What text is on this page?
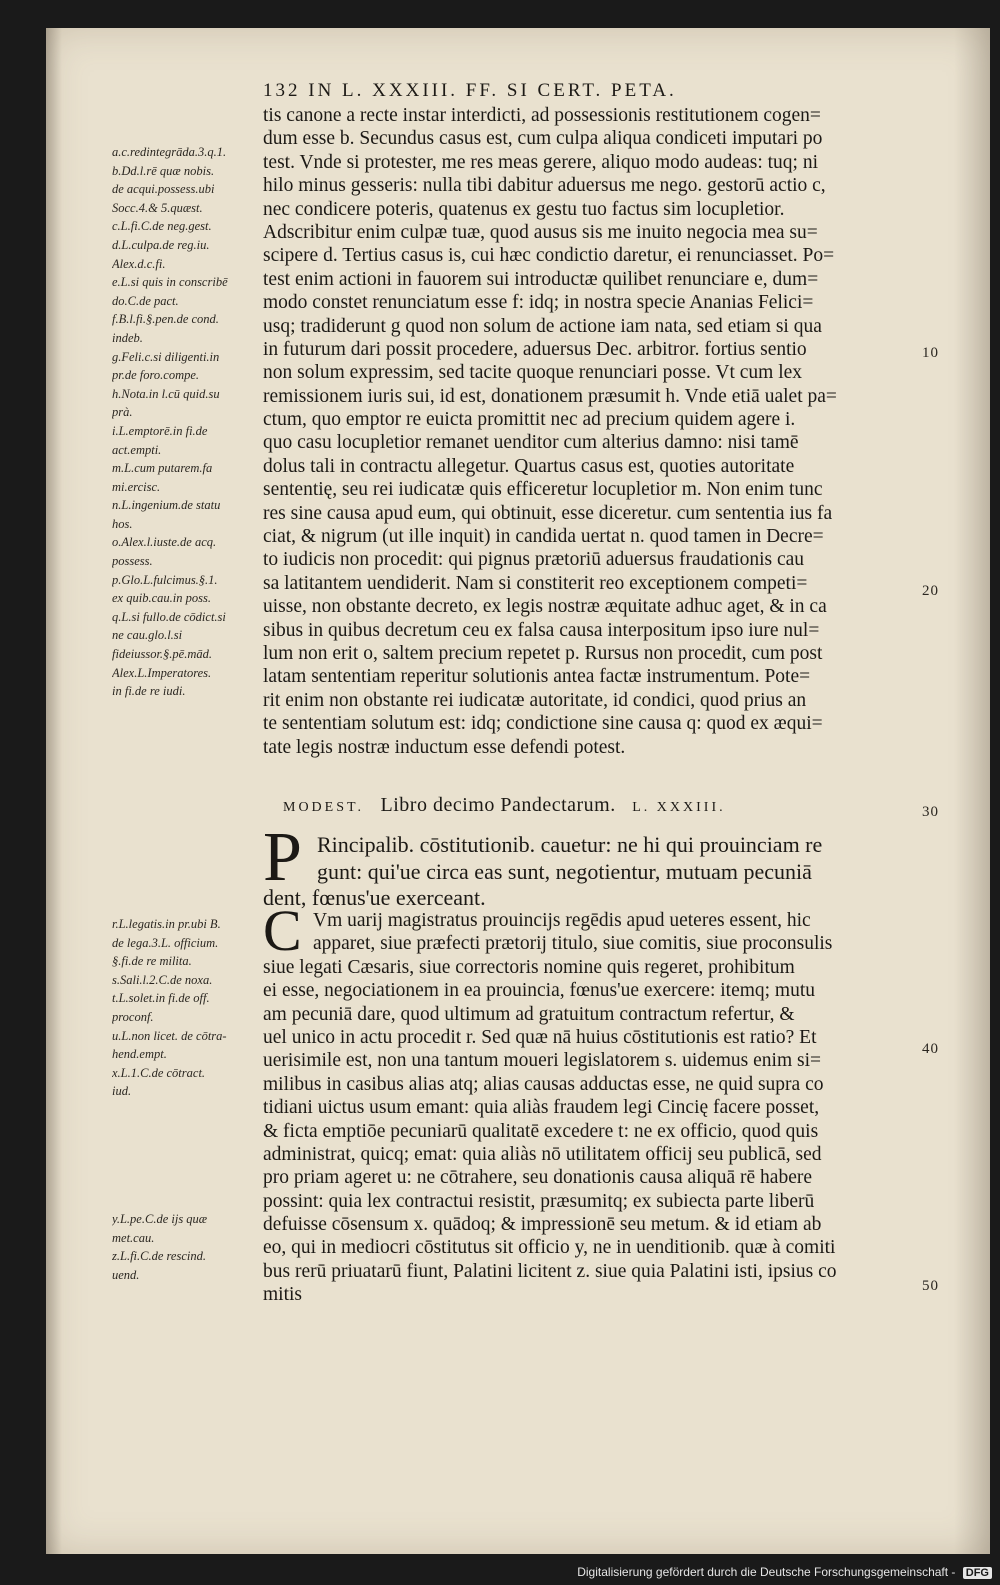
132 IN L. XXXIII. FF. SI CERT. PETA.
tis canone a recte instar interdicti, ad possessionis restitutionem cogen=
dum esse b. Secundus casus est, cum culpa aliqua condiceti imputari po
test. Vnde si protester, me res meas gerere, aliquo modo audeas: tuq; ni
hilo minus gesseris: nulla tibi dabitur aduersus me nego. gestorū actio c,
nec condicere poteris, quatenus ex gestu tuo factus sim locupletior.
Adscribitur enim culpæ tuæ, quod ausus sis me inuito negocia mea su=
scipere d. Tertius casus is, cui hæc condictio daretur, ei renunciasset. Po=
test enim actioni in fauorem sui introductæ quilibet renunciare e, dum=
modo constet renunciatum esse f: idq; in nostra specie Ananias Felici=
usq; tradiderunt g quod non solum de actione iam nata, sed etiam si qua
in futurum dari possit procedere, aduersus Dec. arbitror. fortius sentio
non solum expressim, sed tacite quoque renunciari posse. Vt cum lex
remissionem iuris sui, id est, donationem præsumit h. Vnde etiā ualet pa=
ctum, quo emptor re euicta promittit nec ad precium quidem agere i.
quo casu locupletior remanet uenditor cum alterius damno: nisi tamē
dolus tali in contractu allegetur. Quartus casus est, quoties autoritate
sententię, seu rei iudicatæ quis efficeretur locupletior m. Non enim tunc
res sine causa apud eum, qui obtinuit, esse diceretur. cum sententia ius fa
ciat, & nigrum (ut ille inquit) in candida uertat n. quod tamen in Decre=
to iudicis non procedit: qui pignus prætoriū aduersus fraudationis cau
sa latitantem uendiderit. Nam si constiterit reo exceptionem competi=
uisse, non obstante decreto, ex legis nostræ æquitate adhuc aget, & in ca
sibus in quibus decretum ceu ex falsa causa interpositum ipso iure nul=
lum non erit o, saltem precium repetet p. Rursus non procedit, cum post
latam sententiam reperitur solutionis antea factæ instrumentum. Pote=
rit enim non obstante rei iudicatæ autoritate, id condici, quod prius an
te sententiam solutum est: idq; condictione sine causa q: quod ex æqui=
tate legis nostræ inductum esse defendi potest.
a.c.redintegrāda.3.q.1.
b.Dd.l.rē quæ nobis.
de acqui.possess.ubi
Socc.4.& 5.quæst.
c.L.fi.C.de neg.gest.
d.L.culpa.de reg.iu.
Alex.d.c.fi.
e.L.si quis in conscribē
do.C.de pact.
f.B.l.fi.§.pen.de cond.
indeb.
g.Feli.c.si diligenti.in
pr.de foro.compe.
h.Nota.in l.cū quid.su
prà.
i.L.emptorē.in fi.de
act.empti.
m.L.cum putarem.fa
mi.ercisc.
n.L.ingenium.de statu
hos.
o.Alex.l.iuste.de acq.
possess.
p.Glo.L.fulcimus.§.1.
ex quib.cau.in poss.
q.L.si fullo.de cōdict.si
ne cau.glo.l.si
fideiussor.§.pē.mād.
Alex.L.Imperatores.
in fi.de re iudi.
MODEST. Libro decimo Pandectarum. L. XXXIII.
10
20
30
40
50
P Rincipalib. cōstitutionib. cauetur: ne hi qui prouinciam re
gunt: qui'ue circa eas sunt, negotientur, mutuam pecuniā
dent, fœnus'ue exerceant.
C Vm uarij magistratus prouincijs regēdis apud ueteres essent, hic
apparet, siue præfecti prætorij titulo, siue comitis, siue proconsulis
siue legati Cæsaris, siue correctoris nomine quis regeret, prohibitum
ei esse, negociationem in ea prouincia, fœnus'ue exercere: itemq; mutu
am pecuniā dare, quod ultimum ad gratuitum contractum refertur, &
uel unico in actu procedit r. Sed quæ nā huius cōstitutionis est ratio? Et
uerisimile est, non una tantum moueri legislatorem s. uidemus enim si=
milibus in casibus alias atq; alias causas adductas esse, ne quid supra co
tidiani uictus usum emant: quia aliàs fraudem legi Cincię facere posset,
& ficta emptiōe pecuniarū qualitatē excedere t: ne ex officio, quod quis
administrat, quicq; emat: quia aliàs nō utilitatem officij seu publicā, sed
pro priam ageret u: ne cōtrahere, seu donationis causa aliquā rē habere
possint: quia lex contractui resistit, præsumitq; ex subiecta parte liberū
defuisse cōsensum x. quādoq; & impressionē seu metum. & id etiam ab
eo, qui in mediocri cōstitutus sit officio y, ne in uenditionib. quæ à comiti
bus rerū priuatarū fiunt, Palatini licitent z. siue quia Palatini isti, ipsius co
mitis
r.L.legatis.in pr.ubi B.
de lega.3.L. officium.
§.fi.de re milita.
s.Sali.l.2.C.de noxa.
t.L.solet.in fi.de off.
proconf.
u.L.non licet. de cōtra-
hend.empt.
x.L.1.C.de cōtract.
iud.
y.L.pe.C.de ijs quæ
met.cau.
z.L.fi.C.de rescind.
uend.
Digitalisierung gefördert durch die Deutsche Forschungsgemeinschaft - DFG
